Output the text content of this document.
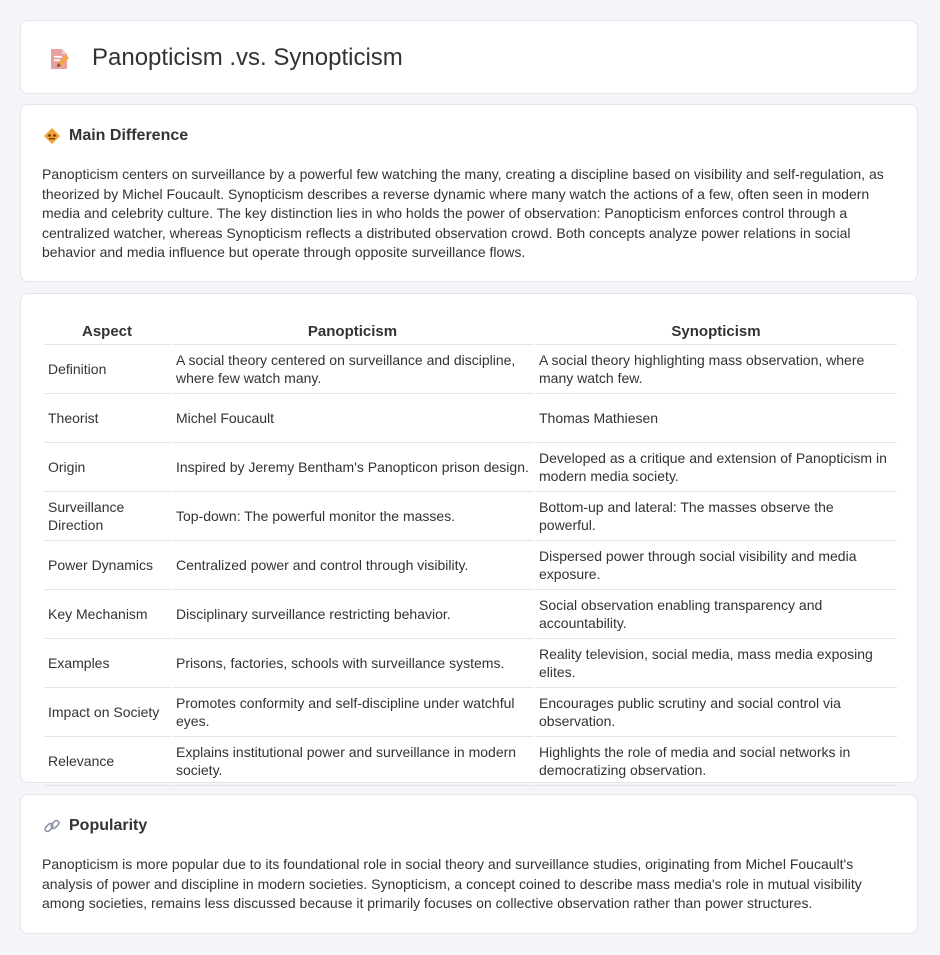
Panopticism .vs. Synopticism
Main Difference

Panopticism centers on surveillance by a powerful few watching the many, creating a discipline based on visibility and self-regulation, as theorized by Michel Foucault. Synopticism describes a reverse dynamic where many watch the actions of a few, often seen in modern media and celebrity culture. The key distinction lies in who holds the power of observation: Panopticism enforces control through a centralized watcher, whereas Synopticism reflects a distributed observation crowd. Both concepts analyze power relations in social behavior and media influence but operate through opposite surveillance flows.

Aspect	Panopticism	Synopticism
Definition	A social theory centered on surveillance and discipline, where few watch many.	A social theory highlighting mass observation, where many watch few.
Theorist	Michel Foucault	Thomas Mathiesen
Origin	Inspired by Jeremy Bentham's Panopticon prison design.	Developed as a critique and extension of Panopticism in modern media society.
Surveillance Direction	Top-down: The powerful monitor the masses.	Bottom-up and lateral: The masses observe the powerful.
Power Dynamics	Centralized power and control through visibility.	Dispersed power through social visibility and media exposure.
Key Mechanism	Disciplinary surveillance restricting behavior.	Social observation enabling transparency and accountability.
Examples	Prisons, factories, schools with surveillance systems.	Reality television, social media, mass media exposing elites.
Impact on Society	Promotes conformity and self-discipline under watchful eyes.	Encourages public scrutiny and social control via observation.
Relevance	Explains institutional power and surveillance in modern society.	Highlights the role of media and social networks in democratizing observation.
Popularity

Panopticism is more popular due to its foundational role in social theory and surveillance studies, originating from Michel Foucault's analysis of power and discipline in modern societies. Synopticism, a concept coined to describe mass media's role in mutual visibility among societies, remains less discussed because it primarily focuses on collective observation rather than power structures.
